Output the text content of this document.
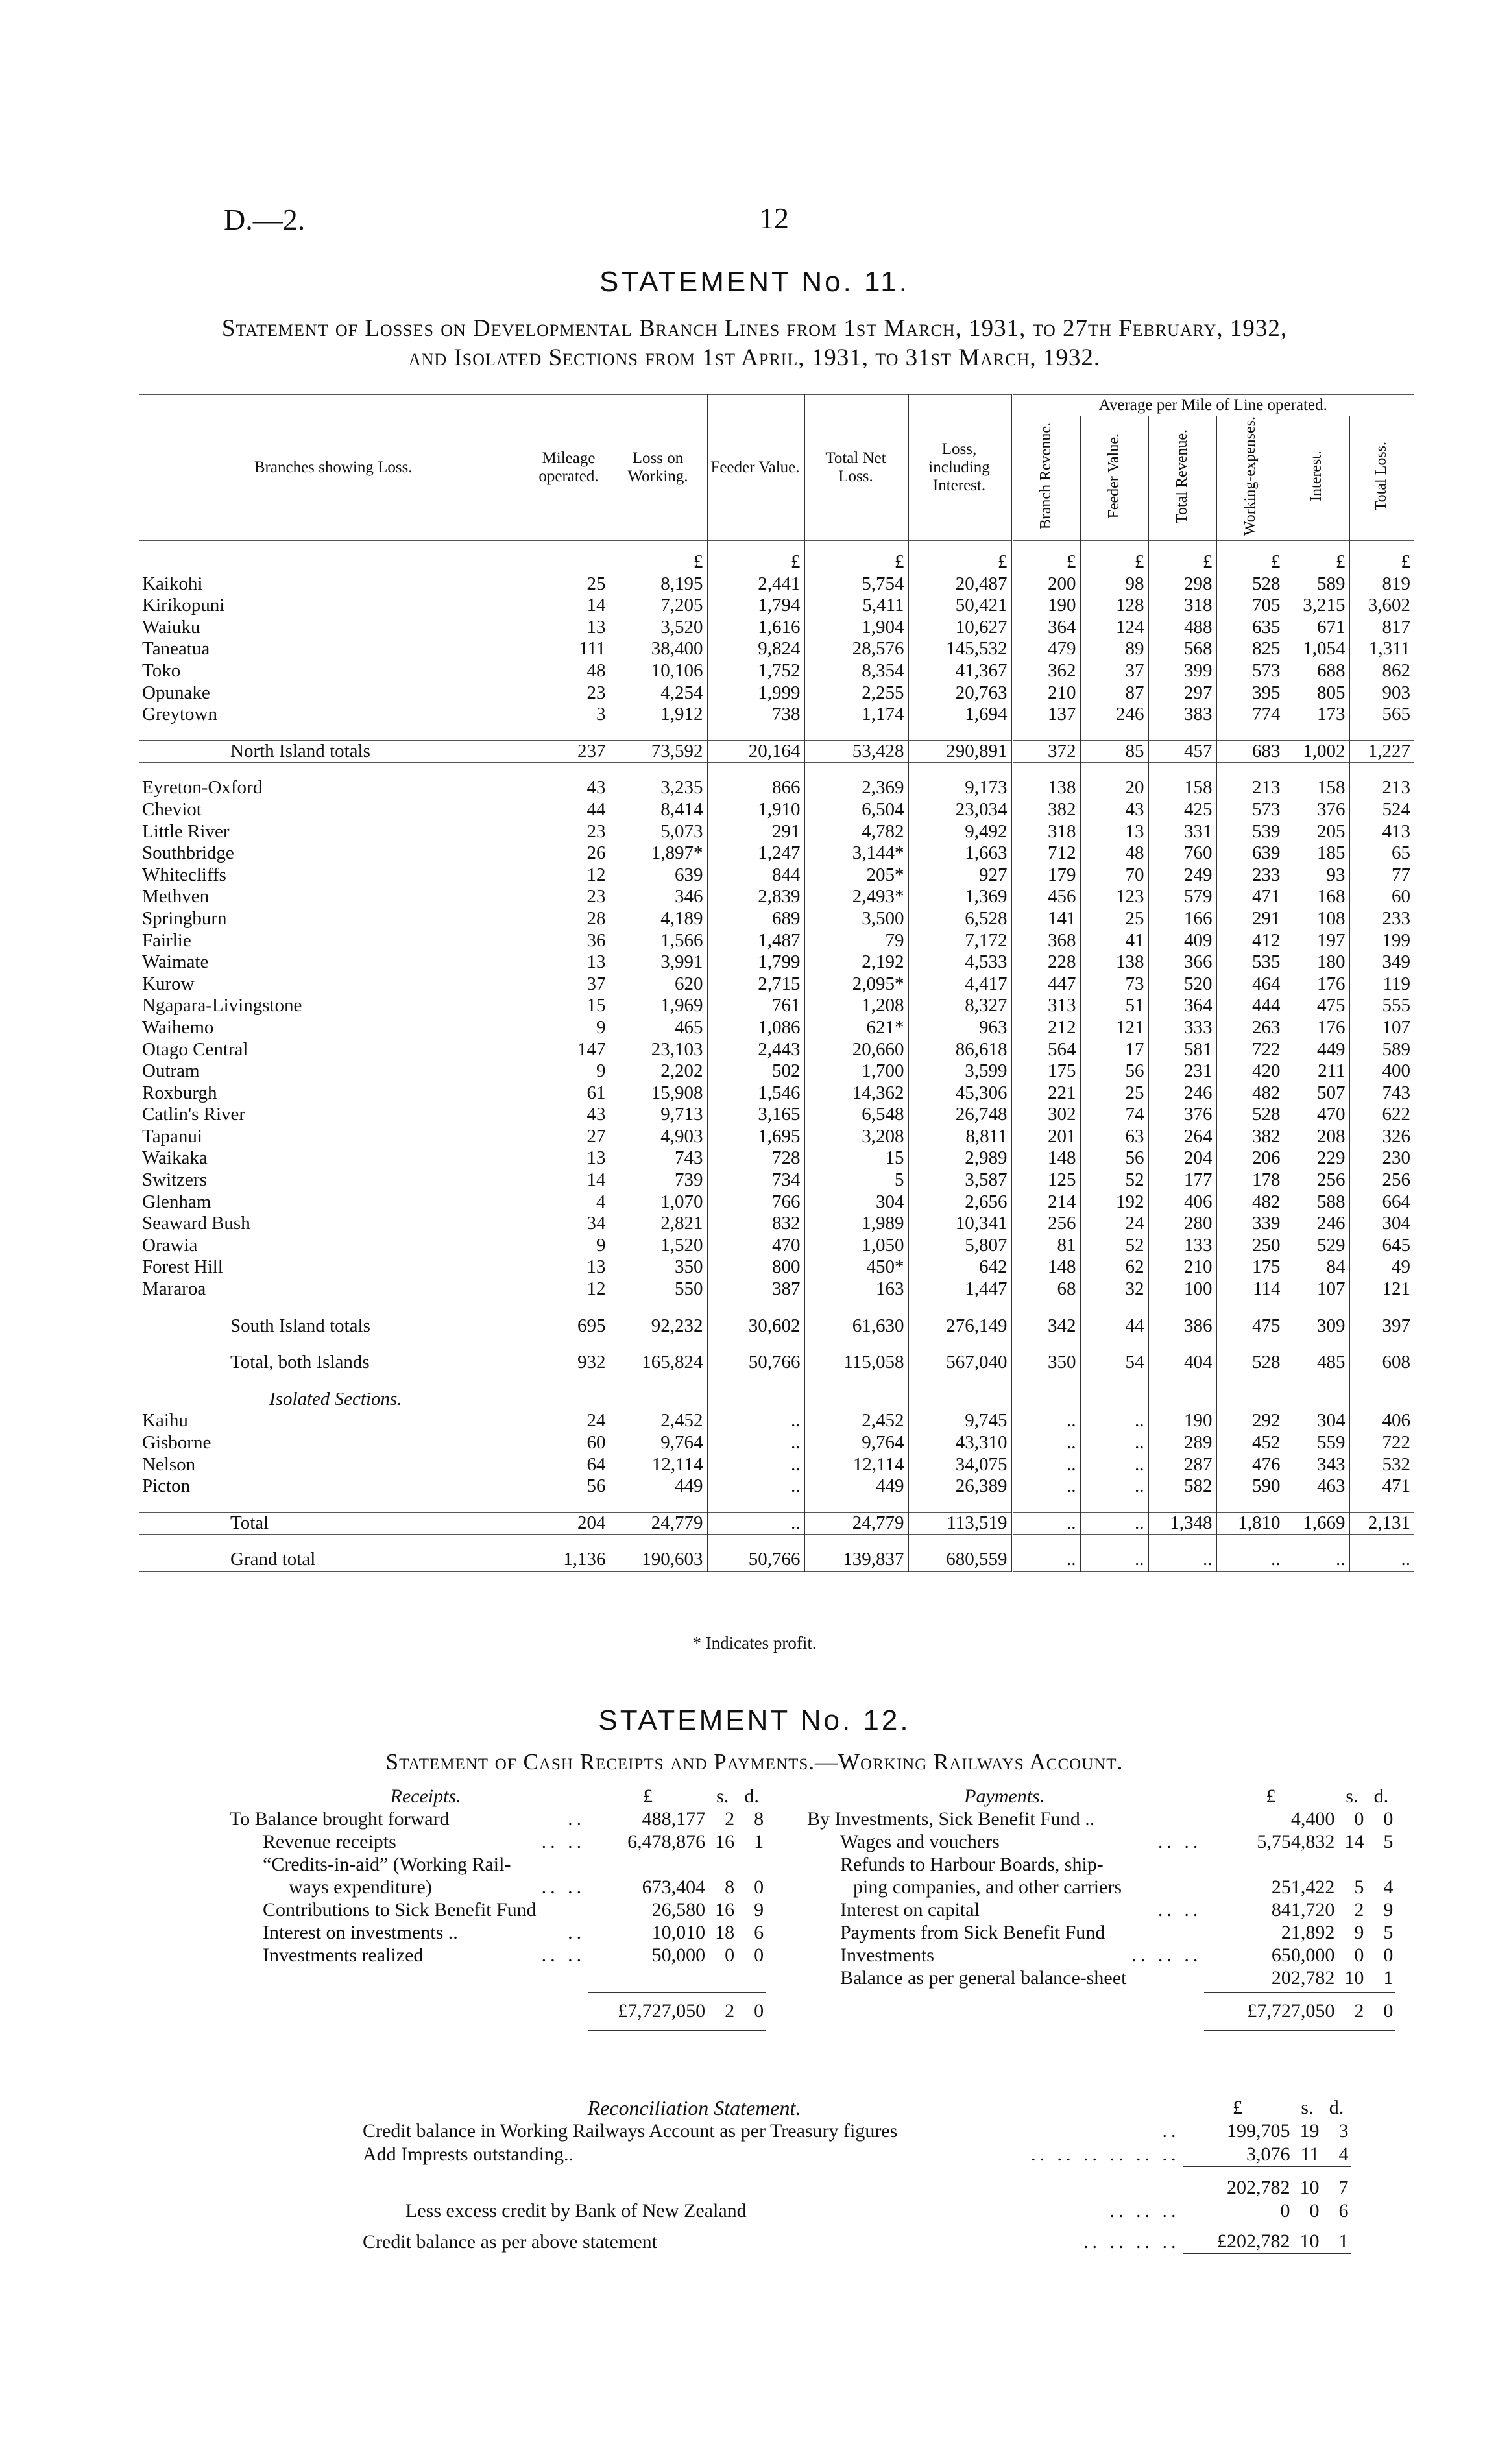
D.—2.	12
STATEMENT No. 11.
Statement of Losses on Developmental Branch Lines from 1st March, 1931, to 27th February, 1932,
and Isolated Sections from 1st April, 1931, to 31st March, 1932.
Branches showing Loss.	Mileage operated.	Loss on Working.	Feeder Value.	Total Net Loss.	Loss, including Interest.	Average per Mile of Line operated.					
						Branch Revenue.	Feeder Value.	Total Revenue.	Working-expenses.	Interest.	Total Loss.
		£	£	£	£	£	£	£	£	£	£
Kaikohi	25	8,195	2,441	5,754	20,487	200	98	298	528	589	819
Kirikopuni	14	7,205	1,794	5,411	50,421	190	128	318	705	3,215	3,602
Waiuku	13	3,520	1,616	1,904	10,627	364	124	488	635	671	817
Taneatua	111	38,400	9,824	28,576	145,532	479	89	568	825	1,054	1,311
Toko	48	10,106	1,752	8,354	41,367	362	37	399	573	688	862
Opunake	23	4,254	1,999	2,255	20,763	210	87	297	395	805	903
Greytown	3	1,912	738	1,174	1,694	137	246	383	774	173	565

North Island totals	237	73,592	20,164	53,428	290,891	372	85	457	683	1,002	1,227

Eyreton-Oxford	43	3,235	866	2,369	9,173	138	20	158	213	158	213
Cheviot	44	8,414	1,910	6,504	23,034	382	43	425	573	376	524
Little River	23	5,073	291	4,782	9,492	318	13	331	539	205	413
Southbridge	26	1,897*	1,247	3,144*	1,663	712	48	760	639	185	65
Whitecliffs	12	639	844	205*	927	179	70	249	233	93	77
Methven	23	346	2,839	2,493*	1,369	456	123	579	471	168	60
Springburn	28	4,189	689	3,500	6,528	141	25	166	291	108	233
Fairlie	36	1,566	1,487	79	7,172	368	41	409	412	197	199
Waimate	13	3,991	1,799	2,192	4,533	228	138	366	535	180	349
Kurow	37	620	2,715	2,095*	4,417	447	73	520	464	176	119
Ngapara-Livingstone	15	1,969	761	1,208	8,327	313	51	364	444	475	555
Waihemo	9	465	1,086	621*	963	212	121	333	263	176	107
Otago Central	147	23,103	2,443	20,660	86,618	564	17	581	722	449	589
Outram	9	2,202	502	1,700	3,599	175	56	231	420	211	400
Roxburgh	61	15,908	1,546	14,362	45,306	221	25	246	482	507	743
Catlin's River	43	9,713	3,165	6,548	26,748	302	74	376	528	470	622
Tapanui	27	4,903	1,695	3,208	8,811	201	63	264	382	208	326
Waikaka	13	743	728	15	2,989	148	56	204	206	229	230
Switzers	14	739	734	5	3,587	125	52	177	178	256	256
Glenham	4	1,070	766	304	2,656	214	192	406	482	588	664
Seaward Bush	34	2,821	832	1,989	10,341	256	24	280	339	246	304
Orawia	9	1,520	470	1,050	5,807	81	52	133	250	529	645
Forest Hill	13	350	800	450*	642	148	62	210	175	84	49
Mararoa	12	550	387	163	1,447	68	32	100	114	107	121

South Island totals	695	92,232	30,602	61,630	276,149	342	44	386	475	309	397

Total, both Islands	932	165,824	50,766	115,058	567,040	350	54	404	528	485	608

Isolated Sections.											
Kaihu	24	2,452	..	2,452	9,745	..	..	190	292	304	406
Gisborne	60	9,764	..	9,764	43,310	..	..	289	452	559	722
Nelson	64	12,114	..	12,114	34,075	..	..	287	476	343	532
Picton	56	449	..	449	26,389	..	..	582	590	463	471

Total	204	24,779	..	24,779	113,519	..	..	1,348	1,810	1,669	2,131

Grand total	1,136	190,603	50,766	139,837	680,559	..	..	..	..	..	..
* Indicates profit.
STATEMENT No. 12.
Statement of Cash Receipts and Payments.—Working Railways Account.
Receipts.		£	s.	d.
To Balance brought forward	..	488,177	2	8
Revenue receipts	.. ..	6,478,876	16	1
“Credits-in-aid” (Working Rail-				
ways expenditure)	.. ..	673,404	8	0
Contributions to Sick Benefit Fund		26,580	16	9
Interest on investments ..	..	10,010	18	6
Investments realized	.. ..	50,000	0	0

		£7,727,050	2	0
Payments.		£	s.	d.
By Investments, Sick Benefit Fund ..		4,400	0	0
Wages and vouchers	.. ..	5,754,832	14	5
Refunds to Harbour Boards, ship-				
ping companies, and other carriers		251,422	5	4
Interest on capital	.. ..	841,720	2	9
Payments from Sick Benefit Fund		21,892	9	5
Investments	.. .. ..	650,000	0	0
Balance as per general balance-sheet		202,782	10	1

		£7,727,050	2	0
Reconciliation Statement.		£	s.	d.
Credit balance in Working Railways Account as per Treasury figures	..	199,705	19	3
Add Imprests outstanding..	.. .. .. .. .. ..	3,076	11	4
		202,782	10	7
Less excess credit by Bank of New Zealand	.. .. ..	0	0	6
Credit balance as per above statement	.. .. .. ..	£202,782	10	1
